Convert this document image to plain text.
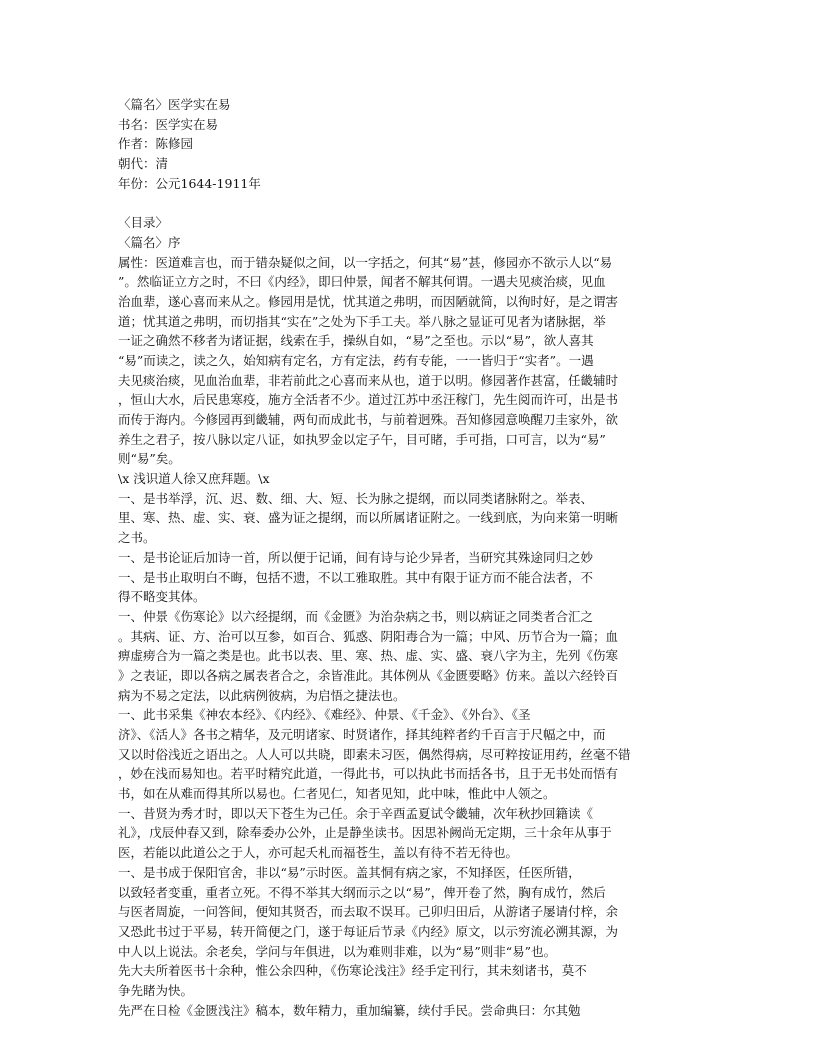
〈篇名〉医学实在易
书名：医学实在易
作者：陈修园
朝代：清
年份：公元1644-1911年
〈目录〉
〈篇名〉序
属性：医道难言也，而于错杂疑似之间，以一字括之，何其“易”甚，修园亦不欲示人以“易
”。然临证立方之时，不曰《内经》，即曰仲景，闻者不解其何谓。一遇夫见痰治痰，见血
治血辈，遂心喜而来从之。修园用是忧，忧其道之弗明，而因陋就简，以徇时好，是之谓害
道；忧其道之弗明，而切指其“实在”之处为下手工夫。举八脉之显证可见者为诸脉据，举
一证之确然不移者为诸证据，线索在手，操纵自如，“易”之至也。示以“易”，欲人喜其
“易”而读之，读之久，始知病有定名，方有定法，药有专能，一一皆归于“实者”。一遇
夫见痰治痰，见血治血辈，非若前此之心喜而来从也，道于以明。修园著作甚富，任畿辅时
，恒山大水，后民患寒疫，施方全活者不少。道过江苏中丞汪稼门，先生阅而许可，出是书
而传于海内。今修园再到畿辅，两旬而成此书，与前着迥殊。吾知修园意唤醒刀圭家外，欲
养生之君子，按八脉以定八证，如执罗金以定子午，目可睹，手可指，口可言，以为“易”
则“易”矣。
\x 浅识道人徐又庶拜题。\x
一、是书举浮，沉、迟、数、细、大、短、长为脉之提纲，而以同类诸脉附之。举表、
里、寒、热、虚、实、衰、盛为证之提纲，而以所属诸证附之。一线到底，为向来第一明晰
之书。
一、是书论证后加诗一首，所以便于记诵，间有诗与论少异者，当研究其殊途同归之妙
一、是书止取明白不晦，包括不遗，不以工雅取胜。其中有限于证方而不能合法者，不
得不略变其体。
一、仲景《伤寒论》以六经提纲，而《金匮》为治杂病之书，则以病证之同类者合汇之
。其病、证、方、治可以互参，如百合、狐惑、阴阳毒合为一篇；中风、历节合为一篇；血
痹虚痨合为一篇之类是也。此书以表、里、寒、热、虚、实、盛、衰八字为主，先列《伤寒
》之表证，即以各病之属表者合之，余皆准此。其体例从《金匮要略》仿来。盖以六经铃百
病为不易之定法，以此病例彼病，为启悟之捷法也。
一、此书采集《神农本经》、《内经》、《难经》、仲景、《千金》、《外台》、《圣
济》、《活人》各书之精华，及元明诸家、时贤诸作，择其纯粹者约千百言于尺幅之中，而
又以时俗浅近之语出之。人人可以共晓，即素未习医，偶然得病，尽可粹按证用药，丝毫不错
，妙在浅而易知也。若平时精究此道，一得此书，可以执此书而括各书，且于无书处而悟有
书，如在从难而得其所以易也。仁者见仁，知者见知，此中味，惟此中人领之。
一、昔贤为秀才时，即以天下苍生为己任。余于辛酉孟夏试令畿辅，次年秋抄回籍读《
礼》，戊辰仲春又到，除奉委办公外，止是静坐读书。因思补阙尚无定期，三十余年从事于
医，若能以此道公之于人，亦可起夭札而福苍生，盖以有待不若无待也。
一、是书成于保阳官舍，非以“易”示时医。盖其恫有病之家，不知择医，任医所错，
以致轻者变重，重者立死。不得不举其大纲而示之以“易”，俾开卷了然，胸有成竹，然后
与医者周旋，一问答间，便知其贤否，而去取不误耳。己卯归田后，从游诸子屡请付梓，余
又恐此书过于平易，转开简便之门，遂于每证后节录《内经》原文，以示穷流必溯其源，为
中人以上说法。余老矣，学问与年俱进，以为难则非难，以为“易”则非“易”也。
先大夫所着医书十余种，惟公余四种，《伤寒论浅注》经手定刊行，其未刻诸书，莫不
争先睹为快。
先严在日检《金匮浅注》稿本，数年精力，重加编纂，续付手民。尝命典曰：尔其勉
